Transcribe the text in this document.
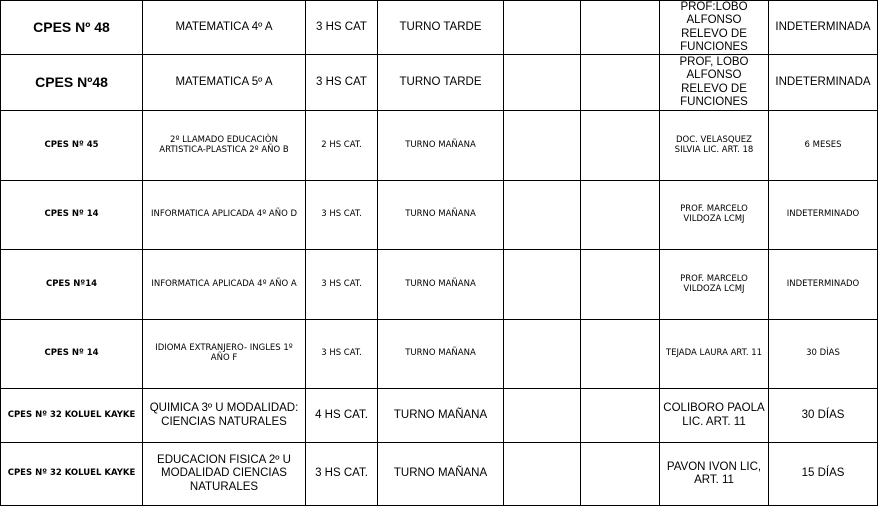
CPES Nº 48	MATEMATICA 4º A	3 HS CAT	TURNO TARDE			PROF:LOBO ALFONSO RELEVO DE FUNCIONES	INDETERMINADA
CPES Nº48	MATEMATICA 5º A	3 HS CAT	TURNO TARDE			PROF, LOBO ALFONSO RELEVO DE FUNCIONES	INDETERMINADA
CPES Nº 45	2º LLAMADO EDUCACIÒN ARTISTICA-PLASTICA 2º AÑO B	2 HS CAT.	TURNO MAÑANA			DOC. VELASQUEZ SILVIA LIC. ART. 18	6 MESES
CPES Nº 14	INFORMATICA APLICADA 4º AÑO D	3 HS CAT.	TURNO MAÑANA			PROF. MARCELO VILDOZA LCMJ	INDETERMINADO
CPES Nº14	INFORMATICA APLICADA 4º AÑO A	3 HS CAT.	TURNO MAÑANA			PROF. MARCELO VILDOZA LCMJ	INDETERMINADO
CPES Nº 14	IDIOMA EXTRANJERO- INGLES 1º AÑO F	3 HS CAT.	TURNO MAÑANA			TEJADA LAURA ART. 11	30 DÌAS
CPES Nº 32 KOLUEL KAYKE	QUIMICA 3º U MODALIDAD: CIENCIAS NATURALES	4 HS CAT.	TURNO MAÑANA			COLIBORO PAOLA LIC. ART. 11	30 DÍAS
CPES Nº 32 KOLUEL KAYKE	EDUCACION FISICA 2º U MODALIDAD CIENCIAS NATURALES	3 HS CAT.	TURNO MAÑANA			PAVON IVON LIC, ART. 11	15 DÍAS
